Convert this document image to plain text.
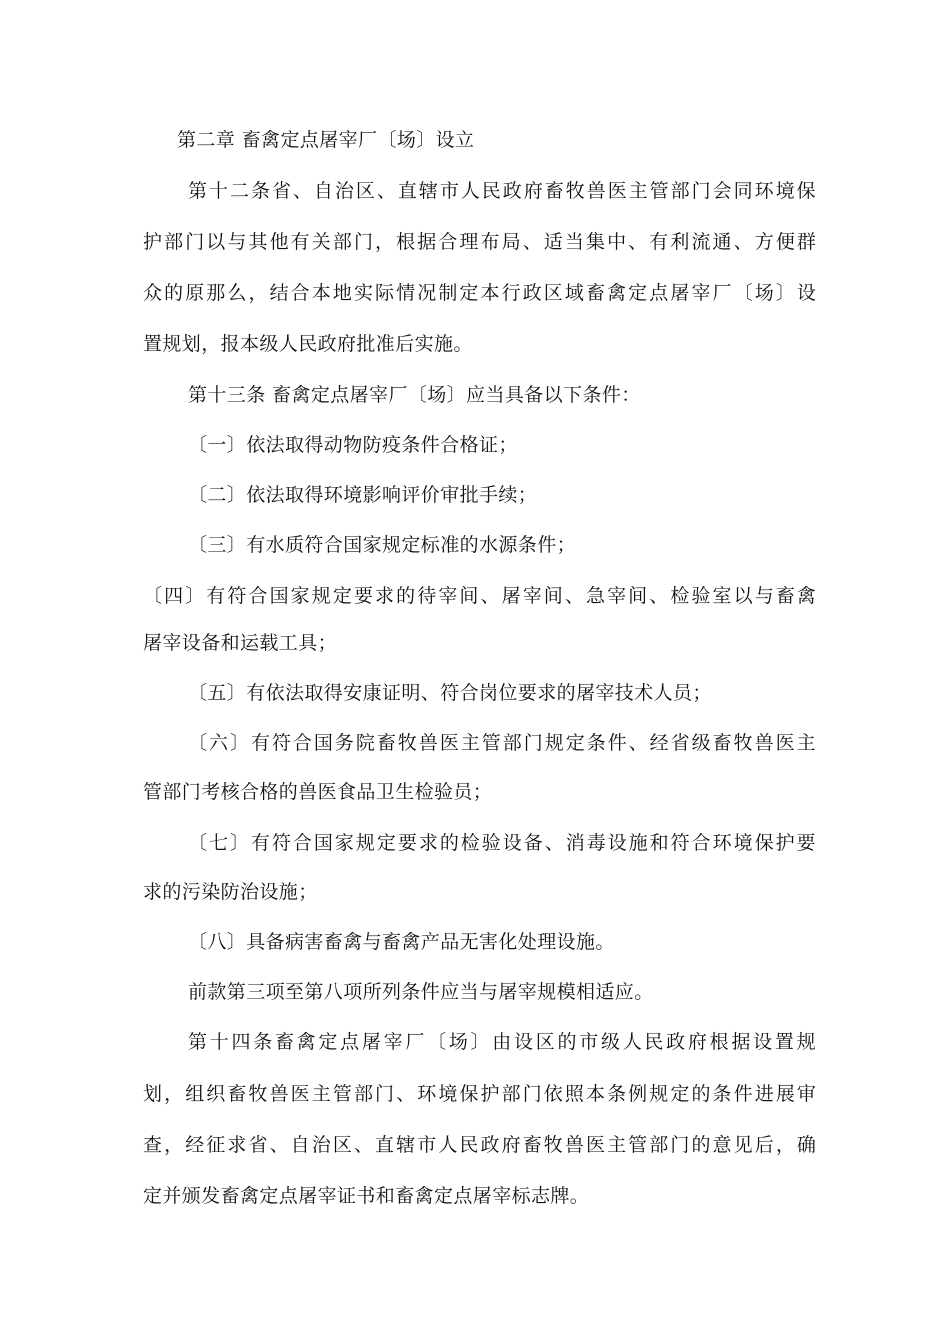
第二章 畜禽定点屠宰厂〔场〕设立
第 十 二 条 省 、 自 治 区 、 直 辖 市 人 民 政 府 畜 牧 兽 医 主 管 部 门 会 同 环 境 保
护 部 门 以 与 其 他 有 关 部 门 ， 根 据 合 理 布 局 、 适 当 集 中 、 有 利 流 通 、 方 便 群
众 的 原 那 么 ， 结 合 本 地 实 际 情 况 制 定 本 行 政 区 域 畜 禽 定 点 屠 宰 厂 〔 场 〕 设
置规划，报本级人民政府批准后实施。
第十三条 畜禽定点屠宰厂〔场〕应当具备以下条件：
〔一〕依法取得动物防疫条件合格证；
〔二〕依法取得环境影响评价审批手续；
〔三〕有水质符合国家规定标准的水源条件；
〔 四 〕 有 符 合 国 家 规 定 要 求 的 待 宰 间 、 屠 宰 间 、 急 宰 间 、 检 验 室 以 与 畜 禽
屠宰设备和运载工具；
〔五〕有依法取得安康证明、符合岗位要求的屠宰技术人员；
〔 六 〕 有 符 合 国 务 院 畜 牧 兽 医 主 管 部 门 规 定 条 件 、 经 省 级 畜 牧 兽 医 主
管部门考核合格的兽医食品卫生检验员；
〔 七 〕 有 符 合 国 家 规 定 要 求 的 检 验 设 备 、 消 毒 设 施 和 符 合 环 境 保 护 要
求的污染防治设施；
〔八〕具备病害畜禽与畜禽产品无害化处理设施。
前款第三项至第八项所列条件应当与屠宰规模相适应。
第 十 四 条 畜 禽 定 点 屠 宰 厂 〔 场 〕 由 设 区 的 市 级 人 民 政 府 根 据 设 置 规
划 ， 组 织 畜 牧 兽 医 主 管 部 门 、 环 境 保 护 部 门 依 照 本 条 例 规 定 的 条 件 进 展 审
查 ， 经 征 求 省 、 自 治 区 、 直 辖 市 人 民 政 府 畜 牧 兽 医 主 管 部 门 的 意 见 后 ， 确
定并颁发畜禽定点屠宰证书和畜禽定点屠宰标志牌。
